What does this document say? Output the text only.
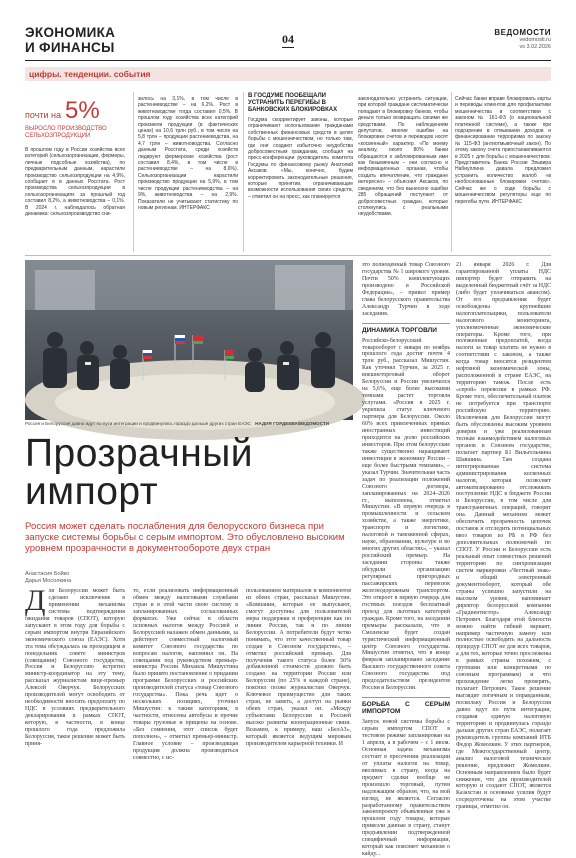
ЭКОНОМИКА
И ФИНАНСЫ
04	ВЕДОМОСТИ
vedomosti.ru
vs 3.02.2026
цифры. тенденции. события
почти на 5%
ВЫРОСЛО ПРОИЗВОДСТВО СЕЛЬХОЗПРОДУКЦИИ
В прошлом году в России хозяйства всех категорий (сельхозорганизации, фермеры, личные подсобные хозяйства), по предварительным данным, нарастили производство сельхозпродукции на 4,9%, сообщает в в данных Росстата. Рост производства сельхозпродукции в сельхозорганизациях за прошлый год составил 8,2%, а животноводства – 0,1%. В 2024 г. наблюдалось обратная динамика: сельхозпроизводство сни-
зилось на 3,1%, в том числе в растениеводстве – на 6,2%. Рост в животноводстве тогда составил 0,5%. В прошлом году хозяйства всех категорий произвели продукции (в фактических ценах) на 10,6 трлн руб., в том числе на 5,8 трлн – продукции растениеводства, на 4,7 трлн – животноводства. Согласно данным Росстата, среди хозяйств лидируют фермерские хозяйства (рост составил 8,4%, в том числе в растениеводстве – на 8,6%). Сельхозорганизации нарастили производство продукции на 5,9%, в том числе продукции растениеводства – на 9%, животноводства – на 2,9%. Показатели не учитывают статистику по новым регионам. ИНТЕРФАКС
В ГОСДУМЕ ПООБЕЩАЛИ УСТРАНИТЬ ПЕРЕГИБЫ В БАНКОВСКИХ БЛОКИРОВКАХ
Госдума скорректирует законы, которые ограничивают использование гражданами собственных финансовых средств в целях борьбы с мошенничеством, но только там, где они создают избыточно неудобства добросовестным гражданам, сообщил на пресс-конференции руководитель комитета Госдумы по финансовому рынку Анатолий Аксаков. «Мы, конечно, будем корректировать законодательные решения, которые принятии, ограничивающие возможности использования своих средств, – отметил он на пресс, как планируется
законодательно устранить ситуации, при которой граждане систематически попадают в блокировку банков, чтобы деньги только возвращать своими же средствами. По наблюдениям депутатов, многие ошибки на блокировке счетов и переводов носят «косвенный» характер. «По моему анализу, около 80% банки обращаются к заблокированным ими как безымянным – они согласно и информационных органам, чтобы создать впечатление, что граждане интересно» – объяснил Аксаков, по сведениям, что без вынесено ошибки 285 обращений поступают от добросовестных граждан, которые столкнулись с реальными неудобствами.
Сейчас банки вправе блокировать карты и переводы клиентов для профилактики мошенничества в соответствии с законом № 161-ФЗ (о национальной платежной системе), а также при подозрении в отмывании доходов и финансировании терроризма по закону № 115-ФЗ (антиотмывочный закон). По этому закону счета приостанавливаются в 2025 г. для борьбы с мошенничеством. Представитель Банка России Эльвира Набиуллина давала предложил устранить количество жалоб «в необоснованные блокировки счетов». Сейчас же о ходе борьбы с мошенничеством регуляторы еще по перегибы пути. ИНТЕРФАКС
Россия и Белоруссия давно идут по пути интеграции и продвинулись гораздо дальше других стран ЕАЭС НАДИЯ ГОРДЕЕВА/ВЕДОМОСТИ
Прозрачный
импорт
Россия может сделать послабления для белорусского бизнеса при запуске системы борьбы с серым импортом. Это обусловлено высоким уровнем прозрачности в документообороте двух стран
Анастасия Бойко
Дарья Мосолкина
Для Белоруссии может быть сделано исключение в применении механизма системы подтверждения ожидания товаров (СПОТ), которую запускают в этом году для борьбы с серым импортом внутри Евразийского экономического союза (ЕАЭС). Хотя эта тема обсуждалась на проходящем в понедельник совете министров (совещании) Союзного государства, Россия и Белоруссию встретил министр-координатор на эту тему, рассказал журналистам вице-премьер Алексей Оверчук. Белорусских производителей могут освободить от необходимости вносить предоплату по НДС в условиях предварительного декларирования в рамках СПОТ, которую, в частности, в конце прошлого года предложила Белоруссия, такое решение может быть приня-
то, если реализовать информационный обмен между налоговыми службами стран и в этой части свою систему в запланированных согласованных форматах. Уже сейчас в области основных налогов между Россией и Белоруссией налажен обмен данными, за действует совместный налоговый комитет Союзного государства по вопросам налогов, напомнил он. На совещании под руководством премьер-министра России Михаила Мишустина было принято постановление о придании программе Белорусских и российских производителей статуса «товар Союзного государства». Пока речь идет о нескольких позициях, уточнил Мишустин: к таким категориям, в частности, отнесены автобусы и прочие товары грузовые и прицепы на основе. «Без сомнения, этот список будет пополнен», – отметил премьер-министр. Главное условие – производящая продукция должна производиться совместно, с ис-
пользованием материалов и компонентов из обеих стран, рассказал Мишустин. «Компании, которые ее выпускают, смогут доступны для пользователей меры поддержки и преференции как по линии России, так и по линии Белоруссии. А потребители будут четко понимать, что этот качественный товар создан в Союзном государстве», – отметил российский премьер. Для получения такого статуса более 50% добавленной стоимости должно быть создано на территории России или Белоруссии (по 25% в каждой стране), пояснил позже журналистам Оверчук. Ключевое преимущество для таких стран, не заметь, а доступ на рынки обеих стран, указал он. «Между субъектами Белоруссии и Россией высоко развиты кооперационные связи. Возьмем, к примеру, наш «БелАЗ», который является ведущим мировым производителем карьерной техники. И
это полноценный товар Союзного государства № 1 широкого уровня. Почти 50% комплектующих производено в Российской Федерации», – привел пример глава белорусского правительства Александр Турчин в ходе заседания.
ДИНАМИКА ТОРГОВЛИ
Российско-белорусский товарооборот с января по ноябрь прошлого года достиг почти 4 трлн руб., рассказал Мишустин. Как уточнил Турчин, за 2025 г. внешнеторговый оборот Белоруссии и России увеличился на 5,6%, еще более высокими темпами растет торговля услугами. «Россия в 2025 г. укрепила статус ключевого партнера для Белоруссии. Около 60% всех привлеченных прямых иностранных инвестиций приходится на долю российских инвесторов. При этом белорусские также существенно наращивают инвестиции в экономику России – еще более быстрыми темпами», – указал Турчин. Значительная часть задач по реализации положений Союзного договора, запланированных на 2024–2026 гг., выполнена, отметил Мишустин. «В первую очередь в промышленности и сельском хозяйстве, а также энергетике, транспорте и логистике, налоговой и таможенной сферах, науке, образовании, культуре и во многих других областях», – указал российский премьер. На заседании стороны также обсудили организацию регулярных пригородных пассажирских перевозок железнодорожным транспортом. Это откроет в первую очередь для гостевых поездов бесплатный проезд для льготных категорий граждан. Кроме того, на заседании премьеры рассказали, что в Смоленске будет создан туристический информационный центр Союзного государства. Мишустин отметил, что в конце февраля запланировано заседание Высшего государственного совета Союзного государства под председательством президентов России и Белоруссии.
БОРЬБА С СЕРЫМ ИМПОРТОМ
Запуск новой системы борьбы с серым импортом СПОТ в тестовом режиме запланирован на 1 апреля, а в рабочем – с 1 июля. Основная задача механизма состоит в пресечении реализации от уплаты налогов на товар, ввозимых в страну, когда на предмет сделки вообще не произошло торговый, путем надлежащим образом, что, на мой взгляд, не является. Согласно разработанному правительством законопроекту объявленные уже в прошлом году товары, которые привезли данные в страну, станут предъявлении подтвержденной специфичный информации, который как поясняет механизм о кайду...
21 января 2026 г. Для гарантированной уплаты НДС импортер будет отправить на выделенный бюджетный счёт за НДС (либо будет уплачиваться авансом). От его предъявления будет освобождены крупнейшие налогоплательщики, пользователи налогового мониторинга, уполномоченные экономические операторы. Кроме того, при положенные предоплатой, когда налоги за товар платить не нужно в соответствии с законом, а также когда товар вносится резидентом нефтяной экономической зоны, расположенной в стране ЕАЭС, на территорию тамож. После есть «серой» перевозки в рамках РФ. Кроме того, обеспечительный платеж не потребуется при транспорте российскую территорию. Исключения для Белоруссии могут быть обусловлены высоким уровнем доверия и уже реализованным тесным взаимодействием налоговых органов в Союзном государстве, полагает партнер Б1 Вильгельмина Шавшина. Там создана интегрированная система администрирования косвенных налогов, которая позволяет автоматизированно отслеживать поступление НДС в бюджете России и Белоруссии, в том числе для трансграничных операций, говорит она. Данный механизм может обеспечить прозрачность цепочек поставок и отследить потенциальных ввоз товаров из РБ в РФ без дополнительных полномочий по СПОТ. У России и Белоруссии есть реальный опыт совместных решений территорию по синхронизации систем маркировки «Честный знак» и общий электронный документооборот, который обе страны успешно запустили на высоком уровне, напоминает директор белорусской компании «Градиентистор» Александр Петрович. Благодаря этой близости можно найти гибкий вариант, например частичную замену или полностью освободить на дальность процедур СПОТ не для всех товаров, а для тех, которые точно прослежены в рамках страны похожим, с группами или конкретными по союзным программам) и что прохождение легко проверять, полагает Петрович. Такое решение выглядит логичным и оправданным, поскольку Россия и Белоруссия давно идут по пути интеграции, создавая единую налоговую территорию и продвинулась гораздо дальше других стран ЕАЭС, полагает руководитель группы компаний ИТБ Федор Жомолкин. У этих партнеров, где Межгосударственный центр, анализ налоговой техническое решение, предложит Жомолкин. Основным направлением было будет снижение, что для производителей которую и создают СПОТ, является Казахстан и основные усилия будут сосредоточены на этом участке границы, отметил он.
